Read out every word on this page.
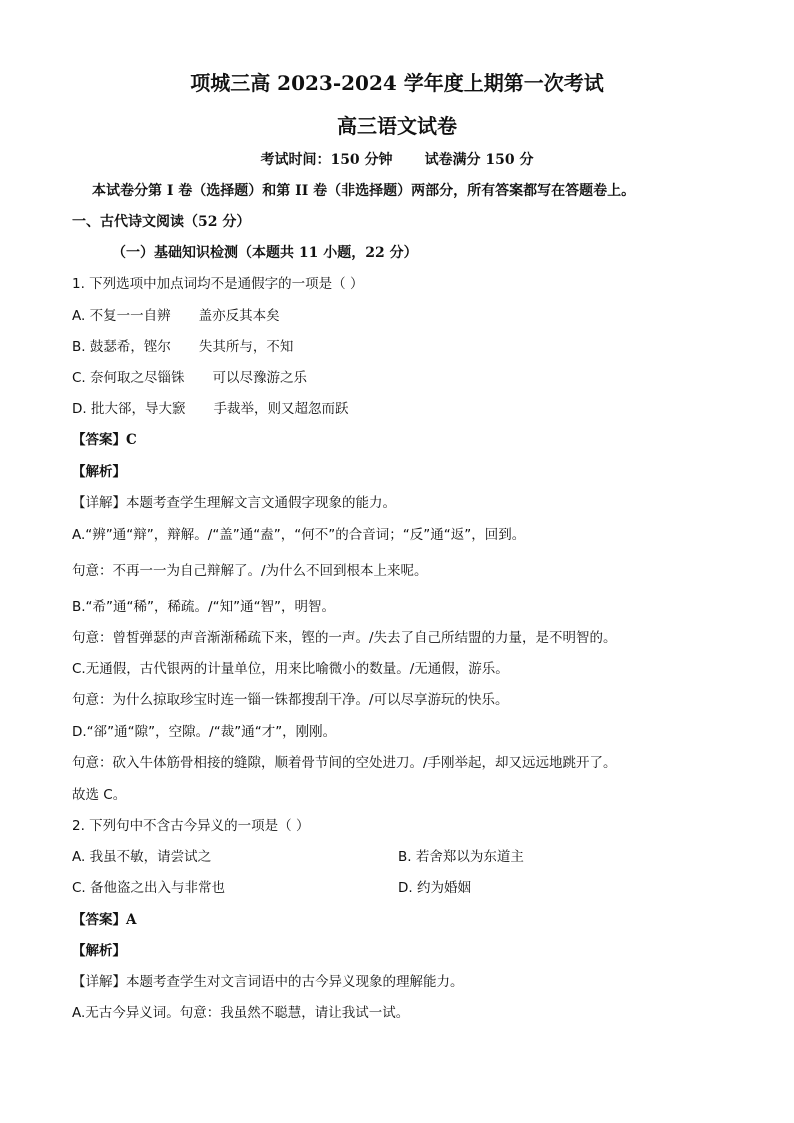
项城三高 2023-2024 学年度上期第一次考试
高三语文试卷
考试时间：150 分钟 试卷满分 150 分
本试卷分第 I 卷（选择题）和第 II 卷（非选择题）两部分，所有答案都写在答题卷上。
一、古代诗文阅读（52 分）
（一）基础知识检测（本题共 11 小题，22 分）
1. 下列选项中加点词均不是通假字的一项是（ ）
A. 不复一一自辨 盖亦反其本矣
B. 鼓瑟希，铿尔 失其所与，不知
C. 奈何取之尽锱铢 可以尽豫游之乐
D. 批大郤，导大窾 手裁举，则又超忽而跃
【答案】C
【解析】
【详解】本题考查学生理解文言文通假字现象的能力。
A.“辨”通“辩”，辩解。/“盖”通“盍”，“何不”的合音词；“反”通“返”，回到。
句意：不再一一为自己辩解了。/为什么不回到根本上来呢。
B.“希”通“稀”，稀疏。/“知”通“智”，明智。
句意：曾皙弹瑟的声音渐渐稀疏下来，铿的一声。/失去了自己所结盟的力量，是不明智的。
C.无通假，古代银两的计量单位，用来比喻微小的数量。/无通假，游乐。
句意：为什么掠取珍宝时连一锱一铢都搜刮干净。/可以尽享游玩的快乐。
D.“郤”通“隙”，空隙。/“裁”通“才”，刚刚。
句意：砍入牛体筋骨相接的缝隙，顺着骨节间的空处进刀。/手刚举起，却又远远地跳开了。
故选 C。
2. 下列句中不含古今异义的一项是（ ）
A. 我虽不敏，请尝试之	B. 若舍郑以为东道主
C. 备他盗之出入与非常也	D. 约为婚姻
【答案】A
【解析】
【详解】本题考查学生对文言词语中的古今异义现象的理解能力。
A.无古今异义词。句意：我虽然不聪慧，请让我试一试。
